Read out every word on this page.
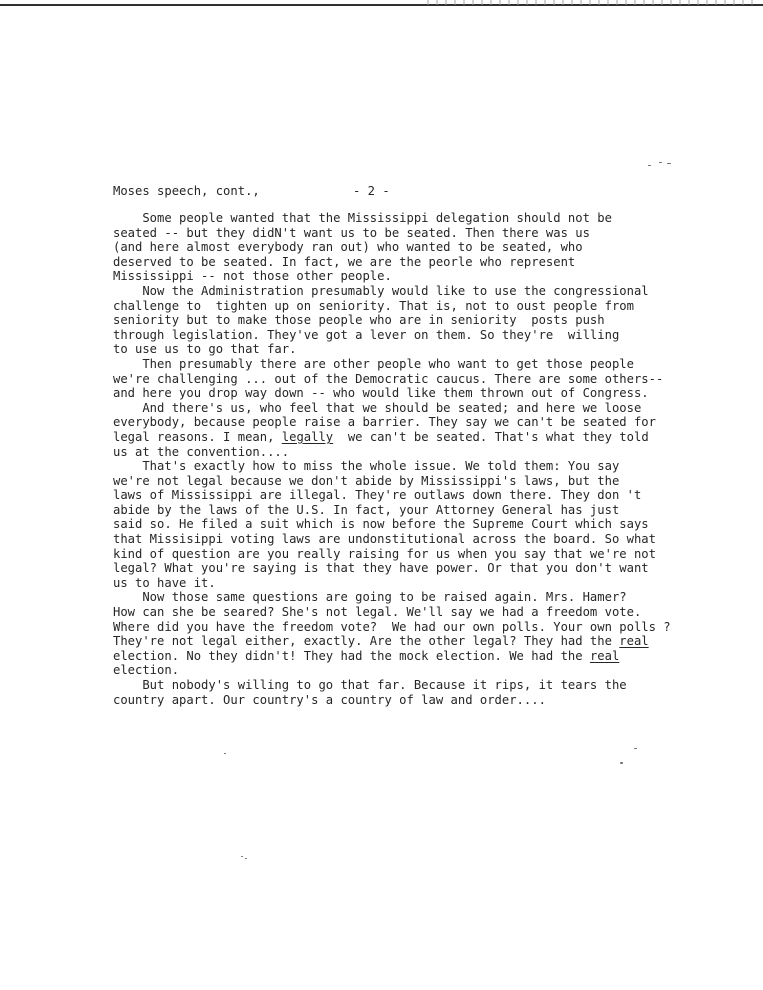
Moses speech, cont.,	- 2 -
Some people wanted that the Mississippi delegation should not be
seated -- but they didN't want us to be seated. Then there was us
(and here almost everybody ran out) who wanted to be seated, who
deserved to be seated. In fact, we are the peorle who represent
Mississippi -- not those other people.
Now the Administration presumably would like to use the congressional
challenge to  tighten up on seniority. That is, not to oust people from
seniority but to make those people who are in seniority  posts push
through legislation. They've got a lever on them. So they're  willing
to use us to go that far.
Then presumably there are other people who want to get those people
we're challenging ... out of the Democratic caucus. There are some others--
and here you drop way down -- who would like them thrown out of Congress.
And there's us, who feel that we should be seated; and here we loose
everybody, because people raise a barrier. They say we can't be seated for
legal reasons. I mean, legally  we can't be seated. That's what they told
us at the convention....
That's exactly how to miss the whole issue. We told them: You say
we're not legal because we don't abide by Mississippi's laws, but the
laws of Mississippi are illegal. They're outlaws down there. They don 't
abide by the laws of the U.S. In fact, your Attorney General has just
said so. He filed a suit which is now before the Supreme Court which says
that Missisippi voting laws are undonstitutional across the board. So what
kind of question are you really raising for us when you say that we're not
legal? What you're saying is that they have power. Or that you don't want
us to have it.
Now those same questions are going to be raised again. Mrs. Hamer?
How can she be seared? She's not legal. We'll say we had a freedom vote.
Where did you have the freedom vote?  We had our own polls. Your own polls ?
They're not legal either, exactly. Are the other legal? They had the real
election. No they didn't! They had the mock election. We had the real
election.
But nobody's willing to go that far. Because it rips, it tears the
country apart. Our country's a country of law and order....
